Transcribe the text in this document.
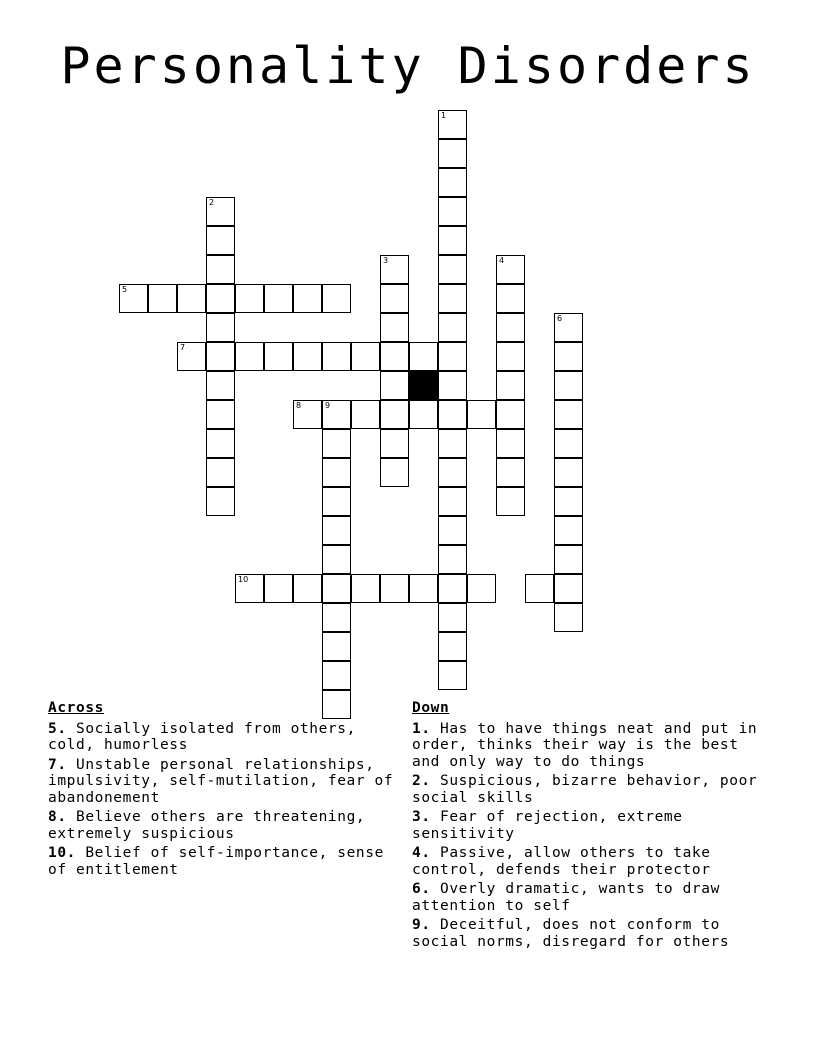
Personality Disorders
1
2
3	4
5
6
7
8	9
10
Across
5. Socially isolated from others, cold, humorless
7. Unstable personal relationships, impulsivity, self-mutilation, fear of abandonement
8. Believe others are threatening, extremely suspicious
10. Belief of self-importance, sense of entitlement
Down
1. Has to have things neat and put in order, thinks their way is the best and only way to do things
2. Suspicious, bizarre behavior, poor social skills
3. Fear of rejection, extreme sensitivity
4. Passive, allow others to take control, defends their protector
6. Overly dramatic, wants to draw attention to self
9. Deceitful, does not conform to social norms, disregard for others
